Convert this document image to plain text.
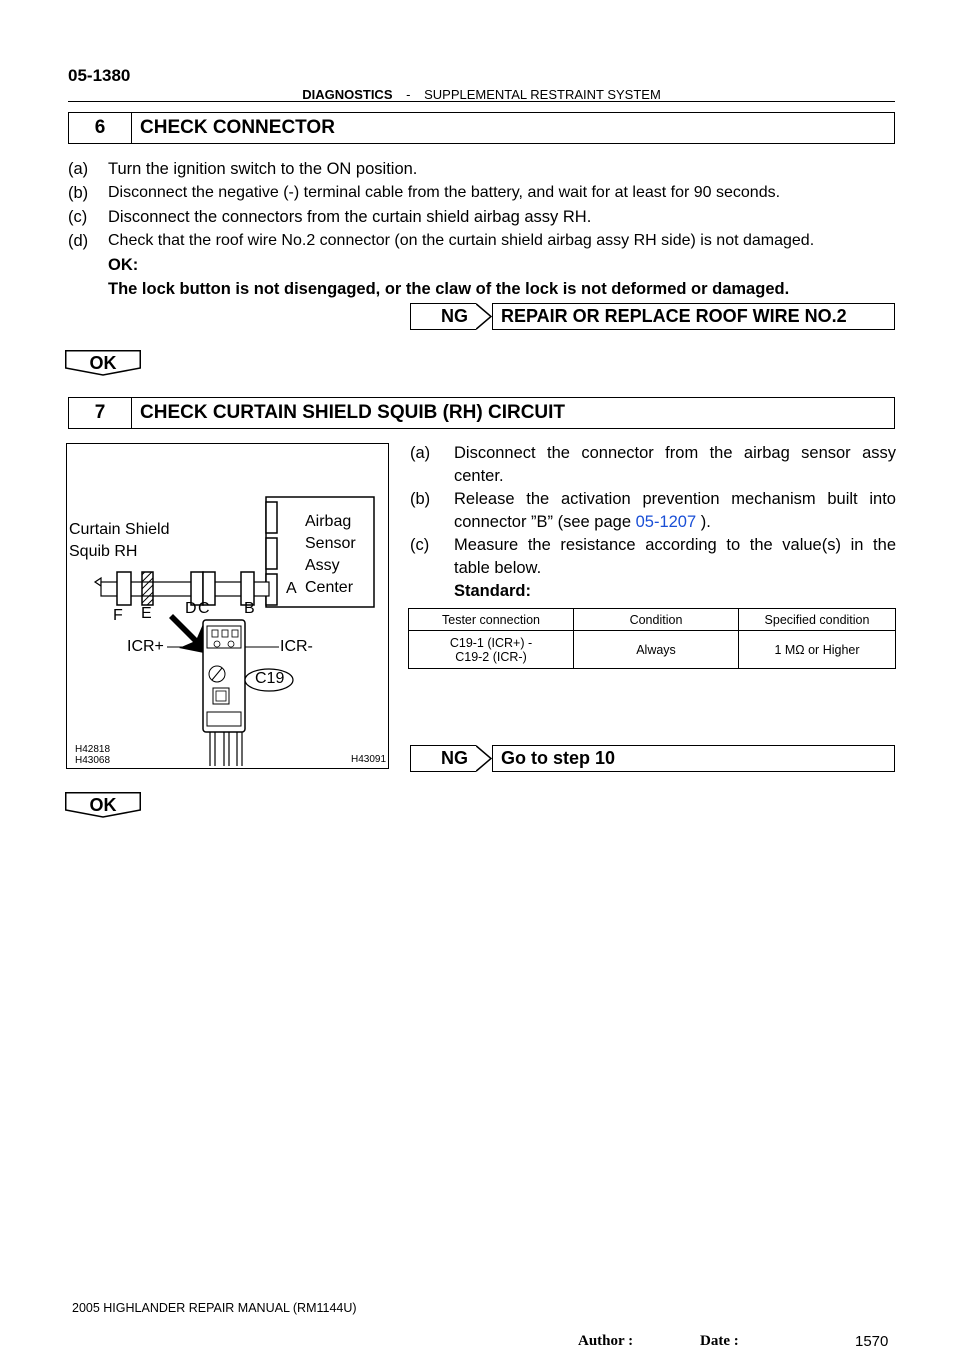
05-1380
DIAGNOSTICS - SUPPLEMENTAL RESTRAINT SYSTEM
6	CHECK CONNECTOR
(a)	Turn the ignition switch to the ON position.
(b)	Disconnect the negative (-) terminal cable from the battery, and wait for at least for 90 seconds.
(c)	Disconnect the connectors from the curtain shield airbag assy RH.
(d)	Check that the roof wire No.2 connector (on the curtain shield airbag assy RH side) is not damaged.
OK:
The lock button is not disengaged, or the claw of the lock is not deformed or damaged.
NG	REPAIR OR REPLACE ROOF WIRE NO.2
OK
7	CHECK CURTAIN SHIELD SQUIB (RH) CIRCUIT
Curtain Shield
Squib RH
Airbag
Sensor
Assy
Center
A
F E D C B
ICR+	ICR-
C19
H42818
H43068	H43091
(a)	Disconnect the connector from the airbag sensor assy
center.
(b)	Release the activation prevention mechanism built into
connector ”B” (see page 05-1207 ).
(c)	Measure the resistance according to the value(s) in the
table below.
Standard:
Tester connection	Condition	Specified condition

C19-1 (ICR+) -
C19-2 (ICR-)	Always	1 MΩ or Higher
NG	Go to step 10
OK
2005 HIGHLANDER REPAIR MANUAL (RM1144U)
Author :	Date :	1570
